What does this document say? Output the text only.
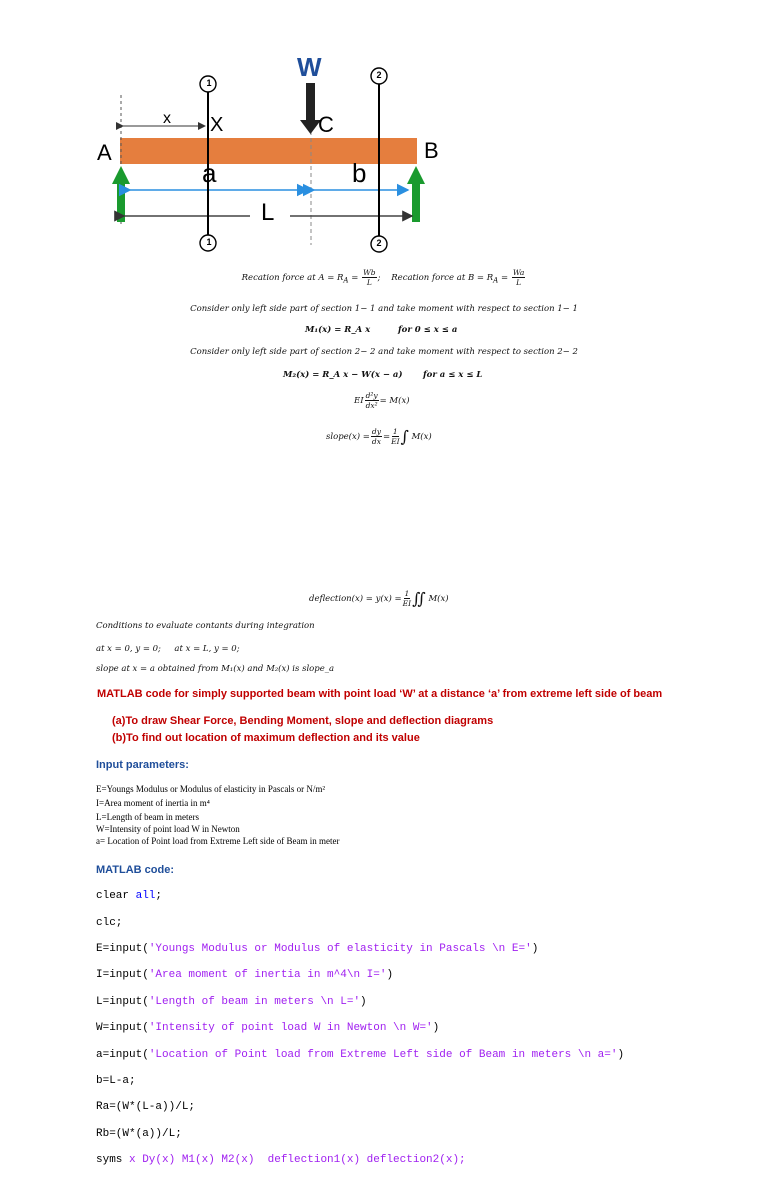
W
1
1
2
2
X
x	C
A	B
a	b
L
Recation force at $A = R_A = \frac{Wb}{L}$ ; Recation force at $B = R_A = \frac{Wa}{L}$
Consider only left side part of section 1− 1 and take moment with respect to section 1− 1
M₁(x) = R_A x	for 0 ≤ x ≤ a
Consider only left side part of section 2− 2 and take moment with respect to section 2− 2
M₂(x) = R_A x − W(x − a) for a ≤ x ≤ L
EI $\frac{\text{d²y}}{\text{dx²}} = M(x)$
slope(x) = $\frac{dy}{dx} = \frac{1}{EI}$ ∫ M(x)
deflection(x) = $y(x) = \frac{1}{EI}$ ∬ M(x)
Conditions to evaluate contants during integration
at x = 0, y = 0;     at x = L, y = 0;
slope at x = a obtained from M₁(x) and M₂(x) is slope_a
MATLAB code for simply supported beam with point load ‘W’ at a distance ‘a’ from extreme left side of beam
(a)To draw Shear Force, Bending Moment, slope and deflection diagrams
(b)To find out location of maximum deflection and its value
Input parameters:
E=Youngs Modulus or Modulus of elasticity in Pascals or N/m²
I=Area moment of inertia in m⁴
L=Length of beam in meters
W=Intensity of point load W in Newton
a= Location of Point load from Extreme Left side of Beam in meter
MATLAB code:

clear all;

clc;

E=input('Youngs Modulus or Modulus of elasticity in Pascals \n E=')

I=input('Area moment of inertia in m^4\n I=')

L=input('Length of beam in meters \n L=')

W=input('Intensity of point load W in Newton \n W=')

a=input('Location of Point load from Extreme Left side of Beam in meters \n a=')

b=L-a;

Ra=(W*(L-a))/L;

Rb=(W*(a))/L;

syms x Dy(x) M1(x) M2(x)  deflection1(x) deflection2(x);
